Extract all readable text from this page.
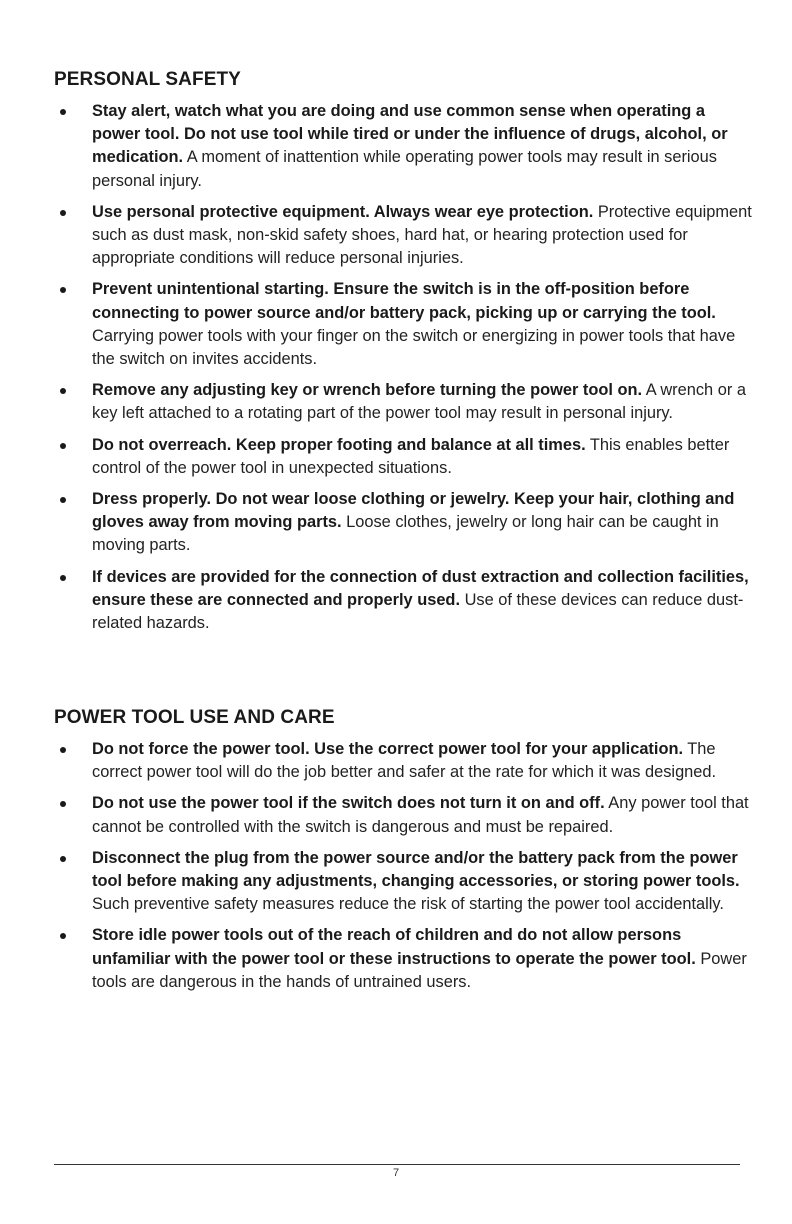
PERSONAL SAFETY
Stay alert, watch what you are doing and use common sense when operating a power tool. Do not use tool while tired or under the influence of drugs, alcohol, or medication. A moment of inattention while operating power tools may result in serious personal injury.
Use personal protective equipment. Always wear eye protection. Protective equipment such as dust mask, non-skid safety shoes, hard hat, or hearing protection used for appropriate conditions will reduce personal injuries.
Prevent unintentional starting. Ensure the switch is in the off-position before connecting to power source and/or battery pack, picking up or carrying the tool. Carrying power tools with your finger on the switch or energizing in power tools that have the switch on invites accidents.
Remove any adjusting key or wrench before turning the power tool on. A wrench or a key left attached to a rotating part of the power tool may result in personal injury.
Do not overreach. Keep proper footing and balance at all times. This enables better control of the power tool in unexpected situations.
Dress properly. Do not wear loose clothing or jewelry. Keep your hair, clothing and gloves away from moving parts. Loose clothes, jewelry or long hair can be caught in moving parts.
If devices are provided for the connection of dust extraction and collection facilities, ensure these are connected and properly used. Use of these devices can reduce dust-related hazards.
POWER TOOL USE AND CARE
Do not force the power tool. Use the correct power tool for your application. The correct power tool will do the job better and safer at the rate for which it was designed.
Do not use the power tool if the switch does not turn it on and off. Any power tool that cannot be controlled with the switch is dangerous and must be repaired.
Disconnect the plug from the power source and/or the battery pack from the power tool before making any adjustments, changing accessories, or storing power tools. Such preventive safety measures reduce the risk of starting the power tool accidentally.
Store idle power tools out of the reach of children and do not allow persons unfamiliar with the power tool or these instructions to operate the power tool. Power tools are dangerous in the hands of untrained users.
7
